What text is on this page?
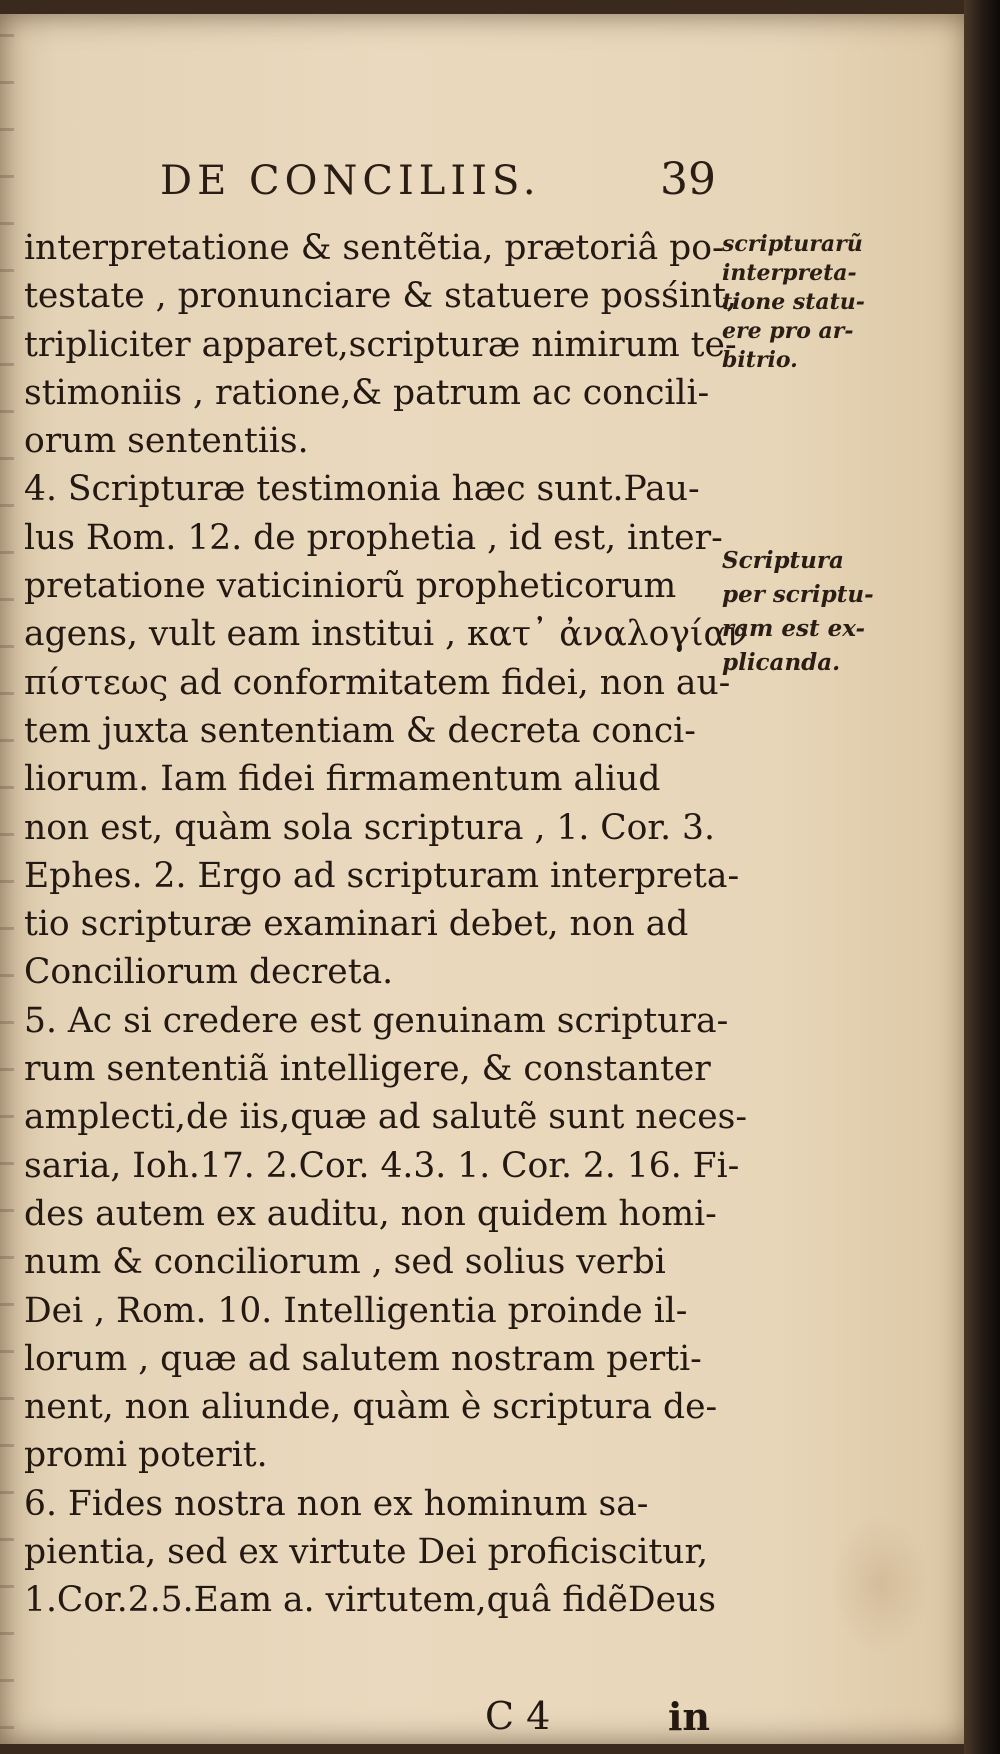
DE CONCILIIS.	39
interpretatione & sentẽtia, prætoriâ po-
testate , pronunciare & statuere posśint,
tripliciter apparet,scripturæ nimirum te-
stimoniis , ratione,& patrum ac concili-
orum sententiis.
4. Scripturæ testimonia hæc sunt.Pau-
lus Rom. 12. de prophetia , id est, inter-
pretatione vaticiniorũ propheticorum
agens, vult eam institui , κατ᾽ ἀναλογίαν
πίστεως ad conformitatem fidei, non au-
tem juxta sententiam & decreta conci-
liorum. Iam fidei firmamentum aliud
non est, quàm sola scriptura , 1. Cor. 3.
Ephes. 2. Ergo ad scripturam interpreta-
tio scripturæ examinari debet, non ad
Conciliorum decreta.
5. Ac si credere est genuinam scriptura-
rum sententiã intelligere, & constanter
amplecti,de iis,quæ ad salutẽ sunt neces-
saria, Ioh.17. 2.Cor. 4.3. 1. Cor. 2. 16. Fi-
des autem ex auditu, non quidem homi-
num & conciliorum , sed solius verbi
Dei , Rom. 10. Intelligentia proinde il-
lorum , quæ ad salutem nostram perti-
nent, non aliunde, quàm è scriptura de-
promi poterit.
6. Fides nostra non ex hominum sa-
pientia, sed ex virtute Dei proficiscitur,
1.Cor.2.5.Eam a. virtutem,quâ fidẽDeus
scripturarũ
interpreta-
tione statu-
ere pro ar-
bitrio.
Scriptura
per scriptu-
ram est ex-
plicanda.
C 4	in
